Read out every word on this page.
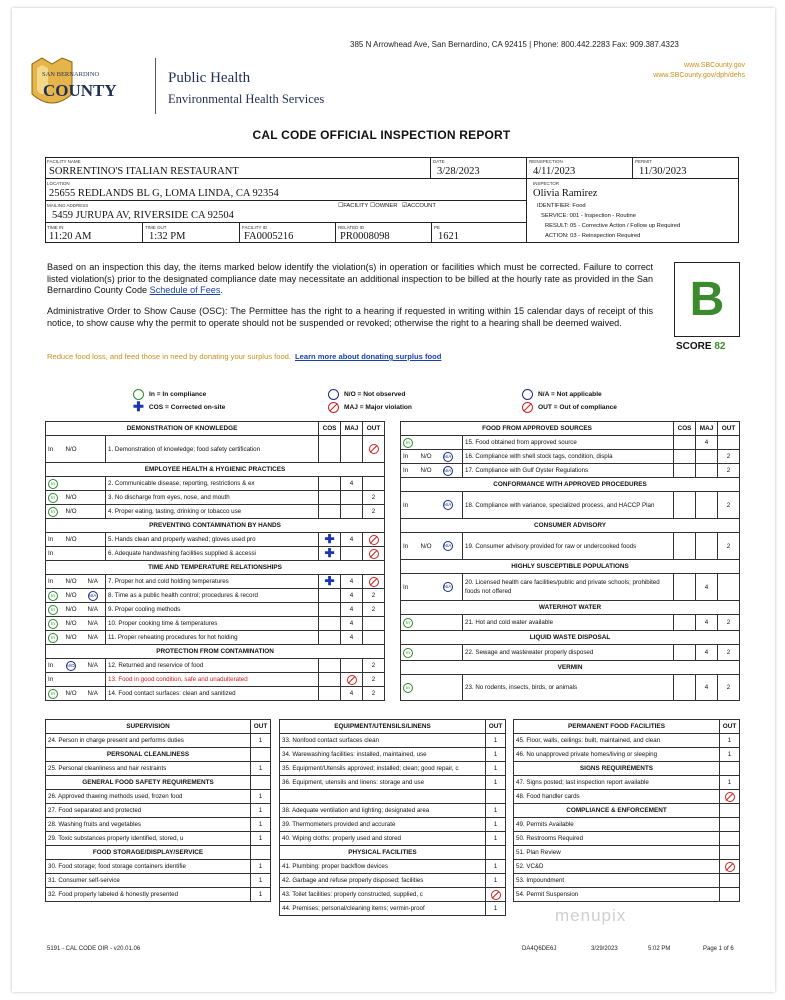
385 N Arrowhead Ave, San Bernardino, CA 92415 | Phone: 800.442.2283 Fax: 909.387.4323
www.SBCounty.gov
www.SBCounty.gov/dph/dehs
SAN BERNARDINO
COUNTY
Public Health
Environmental Health Services
CAL CODE OFFICIAL INSPECTION REPORT
FACILITY NAME
SORRENTINO'S ITALIAN RESTAURANT
DATE
3/28/2023
REINSPECTION
4/11/2023
PERMIT
11/30/2023
LOCATION
25655 REDLANDS BL G, LOMA LINDA, CA 92354
INSPECTOR
Olivia Ramirez
MAILING ADDRESS
5459 JURUPA AV, RIVERSIDE CA 92504
☐FACILITY ☐OWNER ☑ACCOUNT	IDENTIFIER: Food
SERVICE: 001 - Inspection - Routine
RESULT: 05 - Corrective Action / Follow up Required
ACTION: 03 - Reinspection Required
TIME IN
11:20 AM
TIME OUT
1:32 PM
FACILITY ID
FA0005216
RELATED ID
PR0008098
PE
1621
Based on an inspection this day, the items marked below identify the violation(s) in operation or facilities which must be corrected. Failure to correct listed violation(s) prior to the designated compliance date may necessitate an additional inspection to be billed at the hourly rate as provided in the San Bernardino County Code Schedule of Fees.
Administrative Order to Show Cause (OSC): The Permittee has the right to a hearing if requested in writing within 15 calendar days of receipt of this notice, to show cause why the permit to operate should not be suspended or revoked; otherwise the right to a hearing shall be deemed waived.
Reduce food loss, and feed those in need by donating your surplus food. Learn more about donating surplus food
B
SCORE 82
In = In compliance
✚ COS = Corrected on-site
N/O = Not observed
MAJ = Major violation
N/A = Not applicable
OUT = Out of compliance
DEMONSTRATION OF KNOWLEDGE				COS	MAJ	OUT
In	N/O		1. Demonstration of knowledge; food safety certification			
EMPLOYEE HEALTH & HYGIENIC PRACTICES						
In			2. Communicable disease; reporting, restrictions & ex		4	
In	N/O		3. No discharge from eyes, nose, and mouth			2
In	N/O		4. Proper eating, tasting, drinking or tobacco use			2
PREVENTING CONTAMINATION BY HANDS						
In	N/O		5. Hands clean and properly washed; gloves used pro	✚	4	
In			6. Adequate handwashing facilities supplied & accessi	✚		
TIME AND TEMPERATURE RELATIONSHIPS						
In	N/O	N/A	7. Proper hot and cold holding temperatures	✚	4	
In	N/O	N/A	8. Time as a public health control; procedures & record		4	2
In	N/O	N/A	9. Proper cooling methods		4	2
In	N/O	N/A	10. Proper cooking time & temperatures		4	
In	N/O	N/A	11. Proper reheating procedures for hot holding		4	
PROTECTION FROM CONTAMINATION						
In	N/O	N/A	12. Returned and reservice of food			2
In			13. Food in good condition, safe and unadulterated			2
In	N/O	N/A	14. Food contact surfaces: clean and sanitized		4	2
FOOD FROM APPROVED SOURCES				COS	MAJ	OUT
In			15. Food obtained from approved source		4	
In	N/O	N/A	16. Compliance with shell stock tags, condition, displa			2
In	N/O	N/A	17. Compliance with Gulf Oyster Regulations			2
CONFORMANCE WITH APPROVED PROCEDURES						
In		N/A	18. Compliance with variance, specialized process, and HACCP Plan			2
CONSUMER ADVISORY						
In	N/O	N/A	19. Consumer advisory provided for raw or undercooked foods			2
HIGHLY SUSCEPTIBLE POPULATIONS						
In		N/A	20. Licensed health care facilities/public and private schools; prohibited foods not offered		4	
WATER/HOT WATER						
In			21. Hot and cold water available		4	2
LIQUID WASTE DISPOSAL						
In			22. Sewage and wastewater properly disposed		4	2
VERMIN						
In			23. No rodents, insects, birds, or animals		4	2
SUPERVISION	OUT
24. Person in charge present and performs duties	1
PERSONAL CLEANLINESS	
25. Personal cleanliness and hair restraints	1
GENERAL FOOD SAFETY REQUIREMENTS	
26. Approved thawing methods used, frozen food	1
27. Food separated and protected	1
28. Washing fruits and vegetables	1
29. Toxic substances properly identified, stored, u	1
FOOD STORAGE/DISPLAY/SERVICE	
30. Food storage; food storage containers identifie	1
31. Consumer self-service	1
32. Food properly labeled & honestly presented	1
EQUIPMENT/UTENSILS/LINENS	OUT
33. Nonfood contact surfaces clean	1
34. Warewashing facilities: installed, maintained, use	1
35. Equipment/Utensils approved; installed; clean; good repair, c	1
36. Equipment, utensils and linens: storage and use	1

38. Adequate ventilation and lighting; designated area	1
39. Thermometers provided and accurate	1
40. Wiping cloths: properly used and stored	1
PHYSICAL FACILITIES	
41. Plumbing: proper backflow devices	1
42. Garbage and refuse properly disposed; facilities	1
43. Toilet facilities: properly constructed, supplied, c	
44. Premises; personal/cleaning items; vermin-proof	1
PERMANENT FOOD FACILITIES	OUT
45. Floor, walls, ceilings: built, maintained, and clean	1
46. No unapproved private homes/living or sleeping	1
SIGNS REQUIREMENTS	
47. Signs posted; last inspection report available	1
48. Food handler cards	
COMPLIANCE & ENFORCEMENT	
49. Permits Available	
50. Restrooms Required	
51. Plan Review	
52. VC&D	
53. Impoundment	
54. Permit Suspension	
menupix
5191 - CAL CODE OIR - v20.01.06	DA4Q6DE6J	3/29/2023	5:02 PM	Page 1 of 6
